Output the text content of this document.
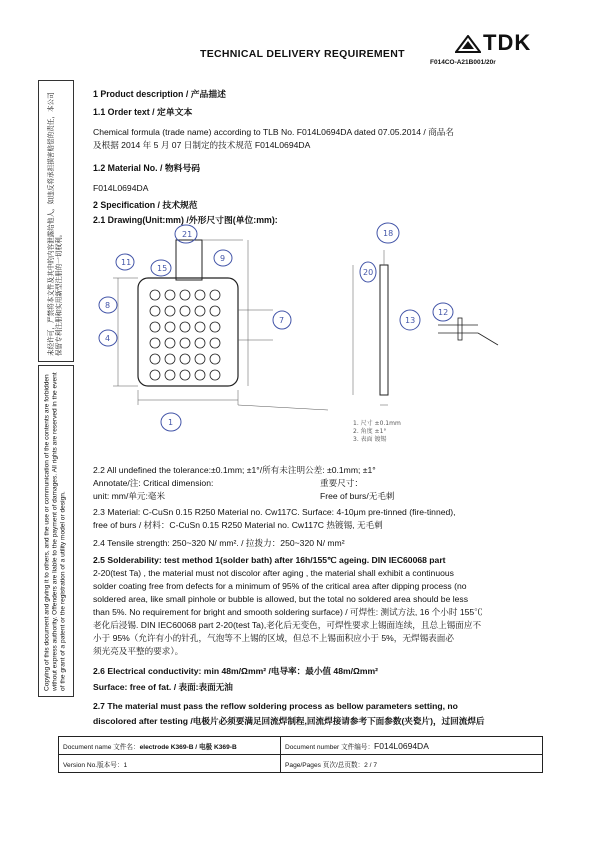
TECHNICAL DELIVERY REQUIREMENT	TDK
F014CO-A21B001/20r
未经许可，严禁将本文件及其中的内容泄露给他人，如违反将承担损害赔偿的责任，本公司保留专利注册和实用新型注册的一切权利。
Copying of this document and giving it to others, and the use or communication of the contents are forbidden without express authority. Offenders are liable to the payment of damages. All rights are reserved in the event of the grant of a patent or the registration of a utility model or design.
1 Product description / 产品描述
1.1 Order text / 定单文本
Chemical formula (trade name) according to TLB No. F014L0694DA dated 07.05.2014 / 商品名
及根据 2014 年 5 月 07 日制定的技术规范 F014L0694DA
1.2 Material No. / 物料号码
F014L0694DA
2 Specification / 技术规范
2.1 Drawing(Unit:mm) /外形尺寸图(单位:mm):
21
15
11
8
4
1
7
9
20
18
13
12
1. 尺寸 ±0.1mm
2. 角度 ±1°
3. 表面 镀锡
2.2 All undefined the tolerance:±0.1mm; ±1°/所有未注明公差: ±0.1mm; ±1°
Annotate/注: Critical dimension:	重要尺寸：
unit: mm/单元:毫米	Free of burs/无毛刺
2.3 Material: C-CuSn 0.15 R250 Material no. Cw117C. Surface: 4-10μm pre-tinned (fire-tinned),
free of burs / 材料：C-CuSn 0.15 R250 Material no. Cw117C 热镀锡, 无毛刺
2.4 Tensile strength: 250~320 N/ mm². / 拉拨力：250~320 N/ mm²
2.5 Solderability: test method 1(solder bath) after 16h/155℃ ageing. DIN IEC60068 part
2-20(test Ta) , the material must not discolor after aging , the material shall exhibit a continuous
solder coating free from defects for a minimum of 95% of the critical area after dipping process (no
soldered area, like small pinhole or bubble is allowed, but the total no soldered area should be less
than 5%. No requirement for bright and smooth soldering surface) / 可焊性: 测试方法, 16 个小时 155℃
老化后浸锡. DIN IEC60068 part 2-20(test Ta),老化后无变色，可焊性要求上锡面连续，且总上锡面应不
小于 95%（允许有小的针孔，气泡等不上锡的区域，但总不上锡面积应小于 5%，无焊锡表面必
须光亮及平整的要求）。
2.6 Electrical conductivity: min 48m/Ωmm² /电导率：最小值 48m/Ωmm²
Surface: free of fat. / 表面:表面无油
2.7 The material must pass the reflow soldering process as bellow parameters setting, no
discolored after testing /电极片必须要满足回流焊制程,回流焊接请参考下面参数(夹瓷片)，过回流焊后
Document name 文件名：electrode K369-B / 电极 K369-B	Document number 文件编号：F014L0694DA
Version No.版本号：1	Page/Pages 页次/总页数：2 / 7
